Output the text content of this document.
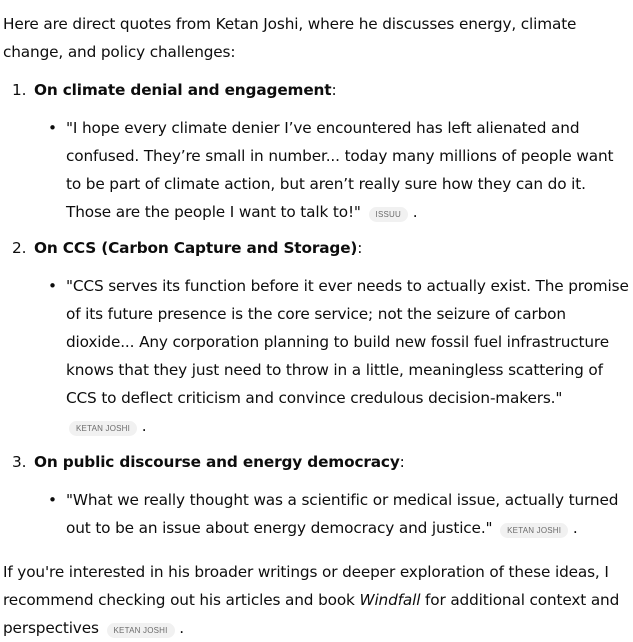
Here are direct quotes from Ketan Joshi, where he discusses energy, climate change, and policy challenges:

1. On climate denial and engagement:

• "I hope every climate denier I’ve encountered has left alienated and confused. They’re small in number... today many millions of people want to be part of climate action, but aren’t really sure how they can do it. Those are the people I want to talk to!" ISSUU .
2. On CCS (Carbon Capture and Storage):

• "CCS serves its function before it ever needs to actually exist. The promise of its future presence is the core service; not the seizure of carbon dioxide... Any corporation planning to build new fossil fuel infrastructure knows that they just need to throw in a little, meaningless scattering of CCS to deflect criticism and convince credulous decision-makers." KETAN JOSHI .
3. On public discourse and energy democracy:

• "What we really thought was a scientific or medical issue, actually turned out to be an issue about energy democracy and justice." KETAN JOSHI .

If you're interested in his broader writings or deeper exploration of these ideas, I recommend checking out his articles and book Windfall for additional context and perspectives KETAN JOSHI .
